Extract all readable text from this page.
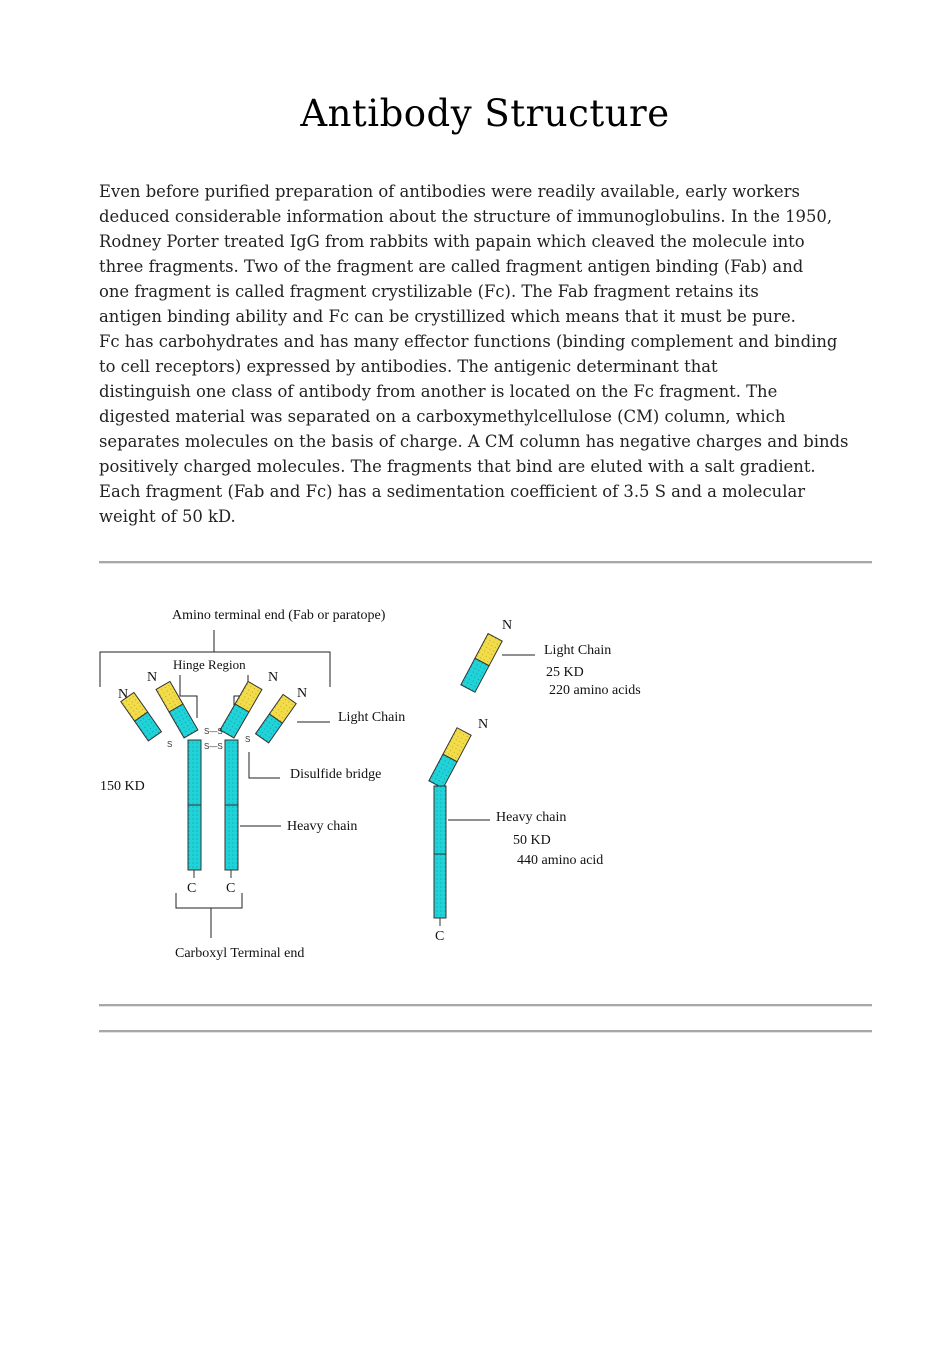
Antibody Structure
Even before purified preparation of antibodies were readily available, early workers
deduced considerable information about the structure of immunoglobulins. In the 1950,
Rodney Porter treated IgG from rabbits with papain which cleaved the molecule into
three fragments. Two of the fragment are called fragment antigen binding (Fab) and
one fragment is called fragment crystilizable (Fc). The Fab fragment retains its
antigen binding ability and Fc can be crystillized which means that it must be pure.
Fc has carbohydrates and has many effector functions (binding complement and binding
to cell receptors) expressed by antibodies. The antigenic determinant that
distinguish one class of antibody from another is located on the Fc fragment. The
digested material was separated on a carboxymethylcellulose (CM) column, which
separates molecules on the basis of charge. A CM column has negative charges and binds
positively charged molecules. The fragments that bind are eluted with a salt gradient.
Each fragment (Fab and Fc) has a sedimentation coefficient of 3.5 S and a molecular
weight of 50 kD.
Amino terminal end (Fab or paratope)
Hinge Region
N
N
C
N
C
N
S—S
S—S
S
S
Light Chain
Disulfide bridge
Heavy chain
150 KD
Carboxyl Terminal end
N
Light Chain
25 KD
220 amino acids
N
C
Heavy chain
50 KD
440 amino acid
